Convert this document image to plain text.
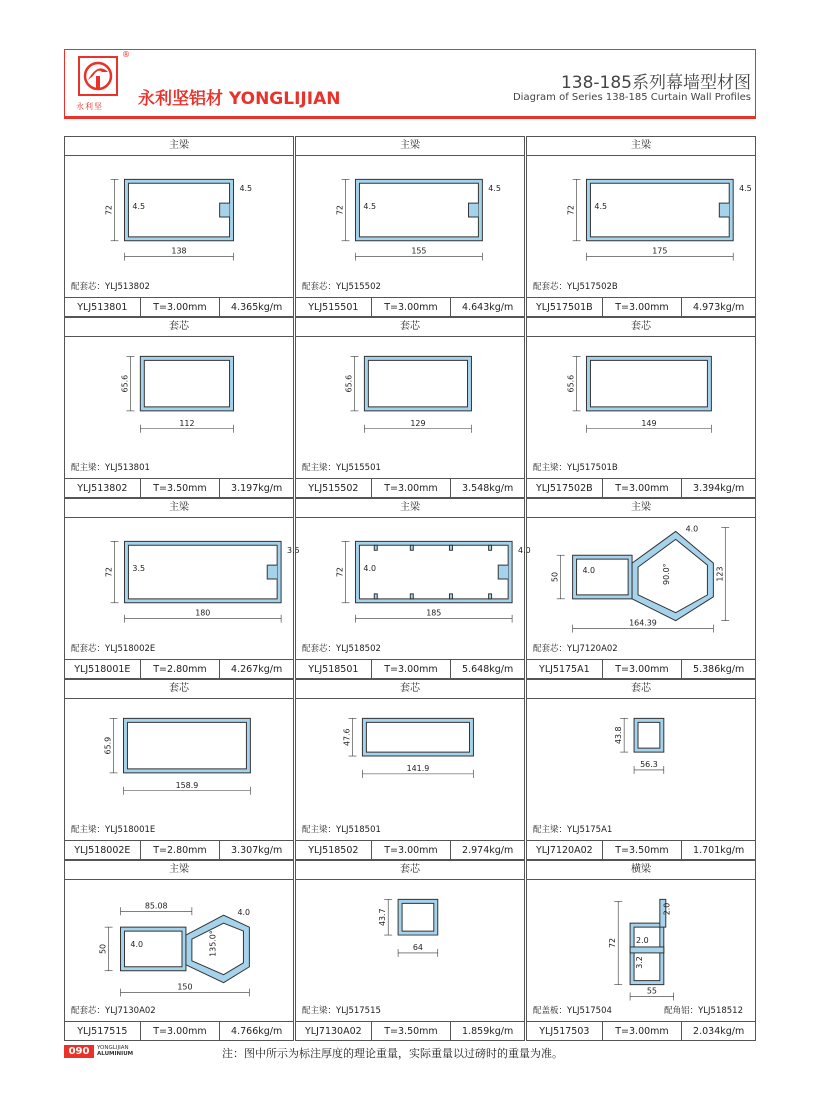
®
永利坚 永利坚铝材 YONGLIJIAN
138-185系列幕墙型材图
Diagram of Series 138-185 Curtain Wall Profiles
主梁
配套芯：YLJ513802
YLJ513801	T=3.00mm	4.365kg/m
72
138
4.5
4.5
主梁
配套芯：YLJ515502
YLJ515501	T=3.00mm	4.643kg/m
72
155
4.5
4.5
主梁
配套芯：YLJ517502B
YLJ517501B	T=3.00mm	4.973kg/m
72
175
4.5
4.5
套芯
配主梁：YLJ513801
YLJ513802	T=3.50mm	3.197kg/m
65.6
112
套芯
配主梁：YLJ515501
YLJ515502	T=3.00mm	3.548kg/m
65.6
129
套芯
配主梁：YLJ517501B
YLJ517502B	T=3.00mm	3.394kg/m
65.6
149
主梁
配套芯：YLJ518002E
YLJ518001E	T=2.80mm	4.267kg/m
72
180
3.5
3.5
主梁
配套芯：YLJ518502
YLJ518501	T=3.00mm	5.648kg/m
72
185
4.0
4.0
主梁
配套芯：YLJ7120A02
YLJ5175A1	T=3.00mm	5.386kg/m
50	123
164.39
4.0
4.0
90.0°
套芯
配主梁：YLJ518001E
YLJ518002E	T=2.80mm	3.307kg/m
65.9
158.9
套芯
配主梁：YLJ518501
YLJ518502	T=3.00mm	2.974kg/m
47.6
141.9
套芯
配主梁：YLJ5175A1
YLJ7120A02	T=3.50mm	1.701kg/m
43.8
56.3
主梁
配套芯：YLJ7130A02
YLJ517515	T=3.00mm	4.766kg/m
50
85.08
150
4.0
4.0
135.0°
套芯
配主梁：YLJ517515
YLJ7130A02	T=3.50mm	1.859kg/m
43.7
64
横梁
配盖板：YLJ517504	配角铝：YLJ518512
YLJ517503	T=3.00mm	2.034kg/m
72
55
2.0
2.0
3.2
090	YONGLIJIAN
ALUMINIUM	注：图中所示为标注厚度的理论重量，实际重量以过磅时的重量为准。
